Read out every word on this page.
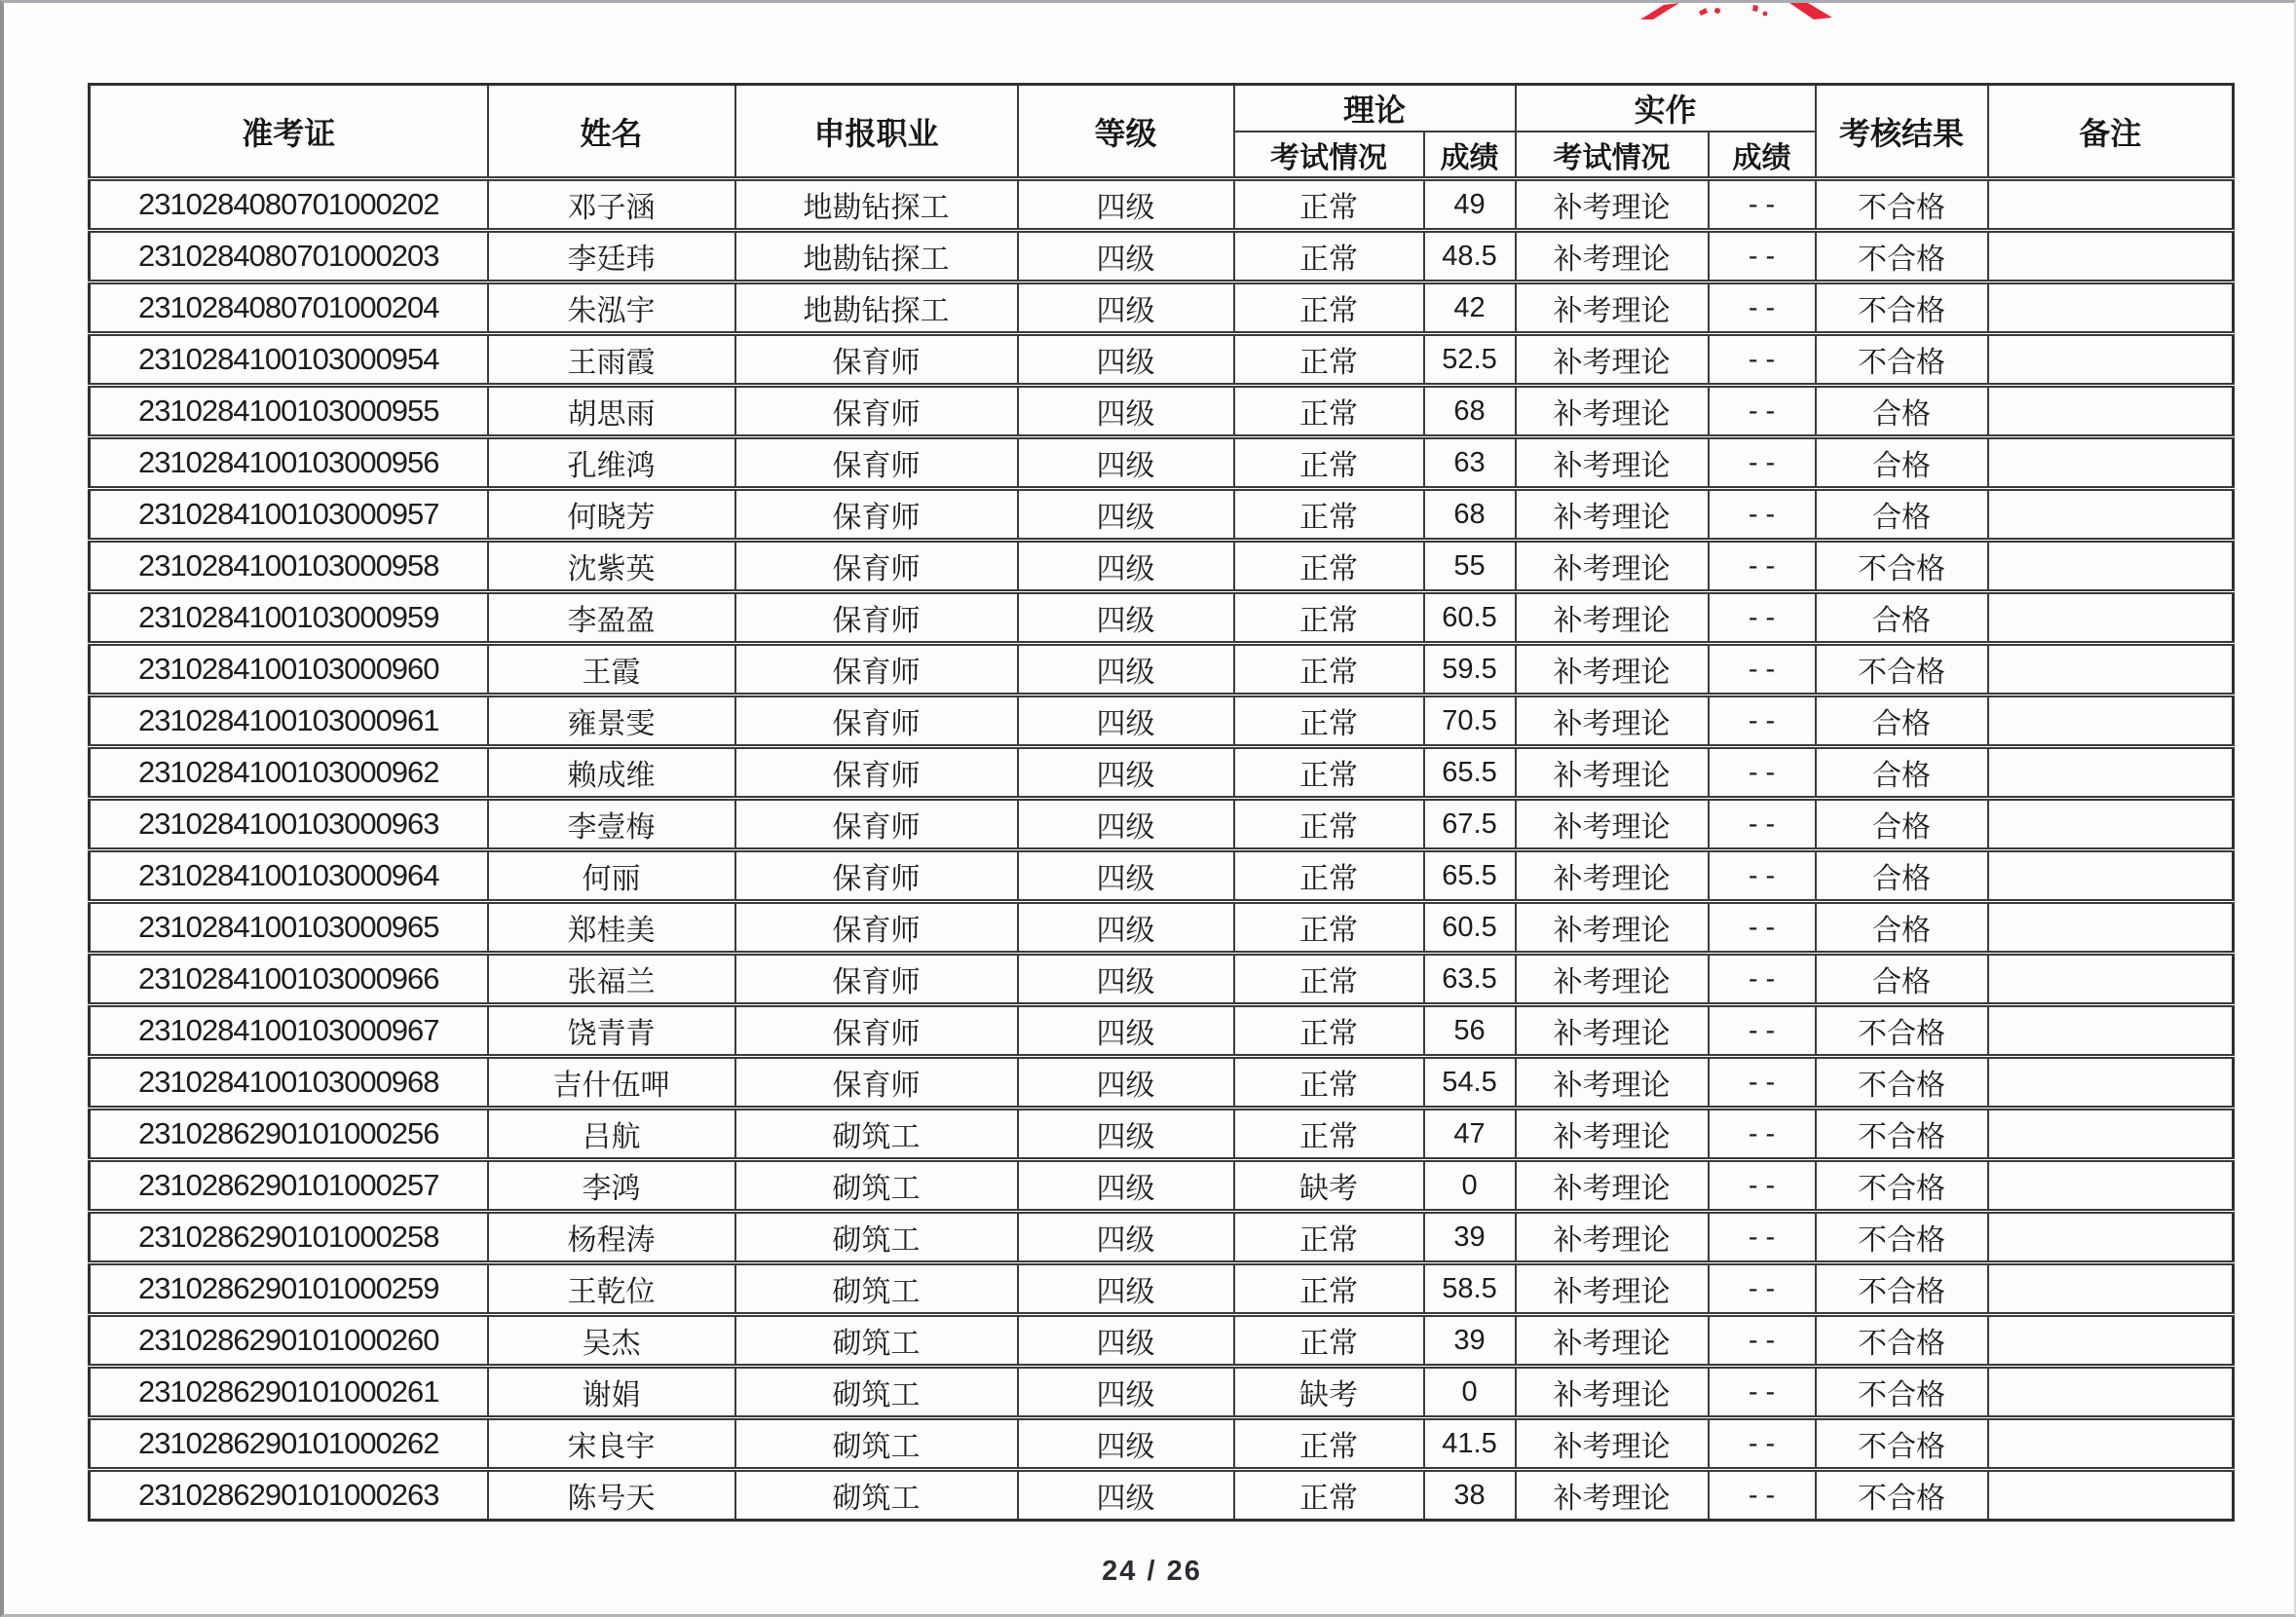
准考证	姓名	申报职业	等级	理论		实作		考核结果	备注
				考试情况	成绩	考试情况	成绩		
2310284080701000202	邓子涵	地勘钻探工	四级	正常	49	补考理论	- -	不合格	
2310284080701000203	李廷玮	地勘钻探工	四级	正常	48.5	补考理论	- -	不合格	
2310284080701000204	朱泓宇	地勘钻探工	四级	正常	42	补考理论	- -	不合格	
2310284100103000954	王雨霞	保育师	四级	正常	52.5	补考理论	- -	不合格	
2310284100103000955	胡思雨	保育师	四级	正常	68	补考理论	- -	合格	
2310284100103000956	孔维鸿	保育师	四级	正常	63	补考理论	- -	合格	
2310284100103000957	何晓芳	保育师	四级	正常	68	补考理论	- -	合格	
2310284100103000958	沈紫英	保育师	四级	正常	55	补考理论	- -	不合格	
2310284100103000959	李盈盈	保育师	四级	正常	60.5	补考理论	- -	合格	
2310284100103000960	王霞	保育师	四级	正常	59.5	补考理论	- -	不合格	
2310284100103000961	雍景雯	保育师	四级	正常	70.5	补考理论	- -	合格	
2310284100103000962	赖成维	保育师	四级	正常	65.5	补考理论	- -	合格	
2310284100103000963	李壹梅	保育师	四级	正常	67.5	补考理论	- -	合格	
2310284100103000964	何丽	保育师	四级	正常	65.5	补考理论	- -	合格	
2310284100103000965	郑桂美	保育师	四级	正常	60.5	补考理论	- -	合格	
2310284100103000966	张福兰	保育师	四级	正常	63.5	补考理论	- -	合格	
2310284100103000967	饶青青	保育师	四级	正常	56	补考理论	- -	不合格	
2310284100103000968	吉什伍呷	保育师	四级	正常	54.5	补考理论	- -	不合格	
2310286290101000256	吕航	砌筑工	四级	正常	47	补考理论	- -	不合格	
2310286290101000257	李鸿	砌筑工	四级	缺考	0	补考理论	- -	不合格	
2310286290101000258	杨程涛	砌筑工	四级	正常	39	补考理论	- -	不合格	
2310286290101000259	王乾位	砌筑工	四级	正常	58.5	补考理论	- -	不合格	
2310286290101000260	吴杰	砌筑工	四级	正常	39	补考理论	- -	不合格	
2310286290101000261	谢娟	砌筑工	四级	缺考	0	补考理论	- -	不合格	
2310286290101000262	宋良宇	砌筑工	四级	正常	41.5	补考理论	- -	不合格	
2310286290101000263	陈号天	砌筑工	四级	正常	38	补考理论	- -	不合格	
24 / 26
